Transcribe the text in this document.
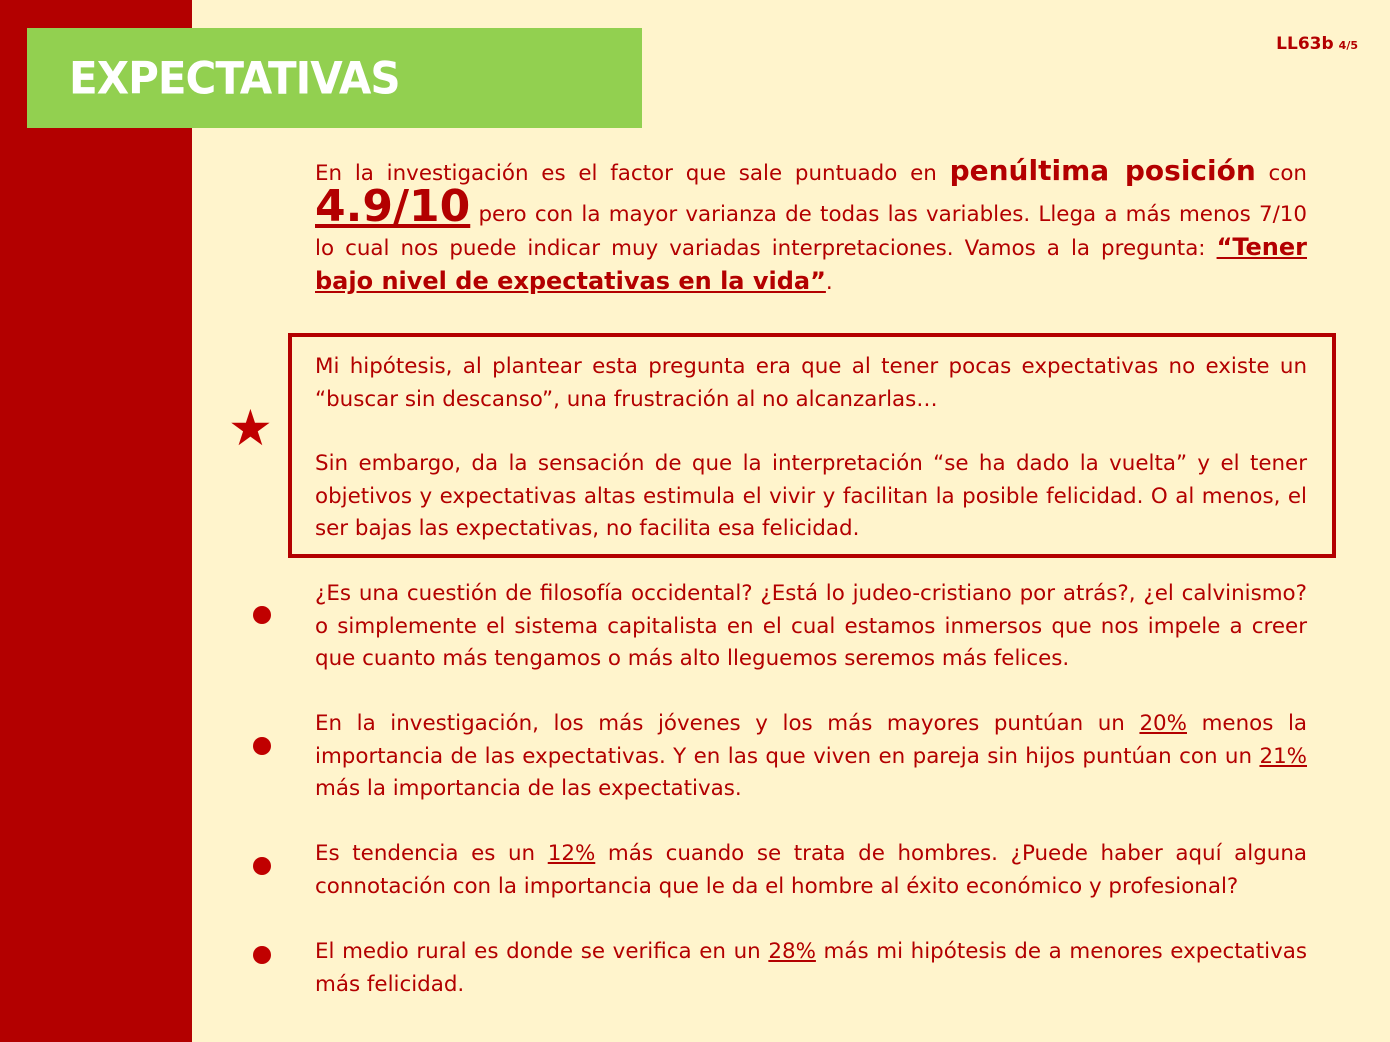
EXPECTATIVAS
LL63b 4/5

En la investigación es el factor que sale puntuado en penúltima posición con 4.9/10 pero con la mayor varianza de todas las variables. Llega a más menos 7/10 lo cual nos puede indicar muy variadas interpretaciones. Vamos a la pregunta: “Tener bajo nivel de expectativas en la vida”.

★

Mi hipótesis, al plantear esta pregunta era que al tener pocas expectativas no existe un “buscar sin descanso”, una frustración al no alcanzarlas…

Sin embargo, da la sensación de que la interpretación “se ha dado la vuelta” y el tener objetivos y expectativas altas estimula el vivir y facilitan la posible felicidad. O al menos, el ser bajas las expectativas, no facilita esa felicidad.

¿Es una cuestión de filosofía occidental? ¿Está lo judeo-cristiano por atrás?, ¿el calvinismo? o simplemente el sistema capitalista en el cual estamos inmersos que nos impele a creer que cuanto más tengamos o más alto lleguemos seremos más felices.

En la investigación, los más jóvenes y los más mayores puntúan un 20% menos la importancia de las expectativas. Y en las que viven en pareja sin hijos puntúan con un 21% más la importancia de las expectativas.

Es tendencia es un 12% más cuando se trata de hombres. ¿Puede haber aquí alguna connotación con la importancia que le da el hombre al éxito económico y profesional?

El medio rural es donde se verifica en un 28% más mi hipótesis de a menores expectativas más felicidad.
